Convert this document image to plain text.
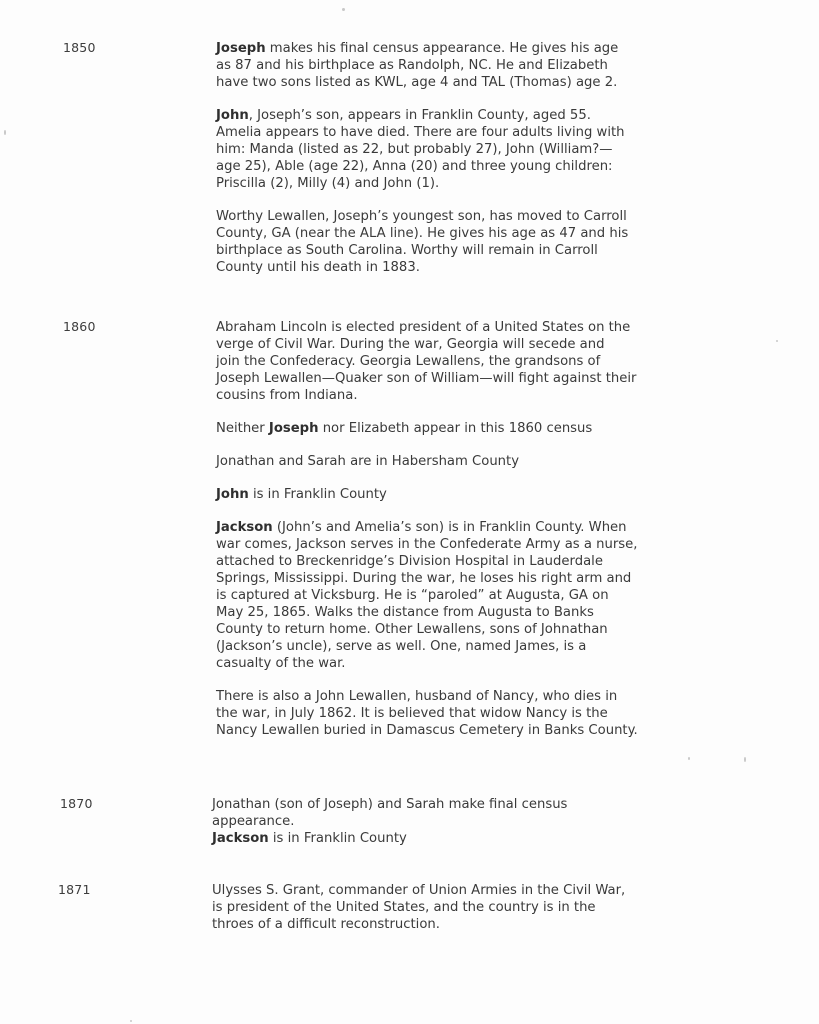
1850	Joseph makes his final census appearance. He gives his age
as 87 and his birthplace as Randolph, NC. He and Elizabeth
have two sons listed as KWL, age 4 and TAL (Thomas) age 2.

John, Joseph’s son, appears in Franklin County, aged 55.
Amelia appears to have died. There are four adults living with
him: Manda (listed as 22, but probably 27), John (William?—
age 25), Able (age 22), Anna (20) and three young children:
Priscilla (2), Milly (4) and John (1).

Worthy Lewallen, Joseph’s youngest son, has moved to Carroll
County, GA (near the ALA line). He gives his age as 47 and his
birthplace as South Carolina. Worthy will remain in Carroll
County until his death in 1883.

1860	Abraham Lincoln is elected president of a United States on the
verge of Civil War. During the war, Georgia will secede and
join the Confederacy. Georgia Lewallens, the grandsons of
Joseph Lewallen—Quaker son of William—will fight against their
cousins from Indiana.

Neither Joseph nor Elizabeth appear in this 1860 census

Jonathan and Sarah are in Habersham County

John is in Franklin County

Jackson (John’s and Amelia’s son) is in Franklin County. When
war comes, Jackson serves in the Confederate Army as a nurse,
attached to Breckenridge’s Division Hospital in Lauderdale
Springs, Mississippi. During the war, he loses his right arm and
is captured at Vicksburg. He is “paroled” at Augusta, GA on
May 25, 1865. Walks the distance from Augusta to Banks
County to return home. Other Lewallens, sons of Johnathan
(Jackson’s uncle), serve as well. One, named James, is a
casualty of the war.

There is also a John Lewallen, husband of Nancy, who dies in
the war, in July 1862. It is believed that widow Nancy is the
Nancy Lewallen buried in Damascus Cemetery in Banks County.

1870	Jonathan (son of Joseph) and Sarah make final census
appearance.
Jackson is in Franklin County

1871	Ulysses S. Grant, commander of Union Armies in the Civil War,
is president of the United States, and the country is in the
throes of a difficult reconstruction.
